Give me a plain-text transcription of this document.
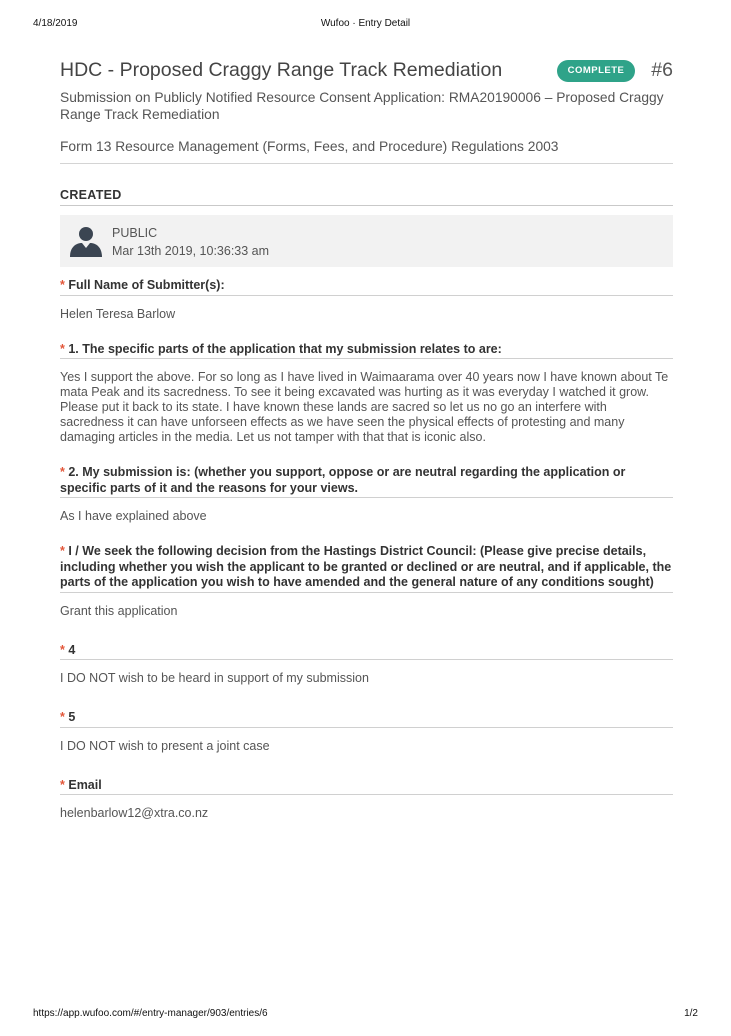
4/18/2019	Wufoo · Entry Detail
HDC - Proposed Craggy Range Track Remediation	COMPLETE	#6
Submission on Publicly Notified Resource Consent Application: RMA20190006 – Proposed Craggy Range Track Remediation
Form 13 Resource Management (Forms, Fees, and Procedure) Regulations 2003
CREATED
PUBLIC
Mar 13th 2019, 10:36:33 am
* Full Name of Submitter(s):
Helen Teresa Barlow
* 1. The specific parts of the application that my submission relates to are:
Yes I support the above. For so long as I have lived in Waimaarama over 40 years now I have known about Te mata Peak and its sacredness. To see it being excavated was hurting as it was everyday I watched it grow. Please put it back to its state. I have known these lands are sacred so let us no go an interfere with sacredness it can have unforseen effects as we have seen the physical effects of protesting and many damaging articles in the media. Let us not tamper with that that is iconic also.
* 2. My submission is: (whether you support, oppose or are neutral regarding the application or specific parts of it and the reasons for your views.
As I have explained above
* I / We seek the following decision from the Hastings District Council: (Please give precise details, including whether you wish the applicant to be granted or declined or are neutral, and if applicable, the parts of the application you wish to have amended and the general nature of any conditions sought)
Grant this application
* 4
I DO NOT wish to be heard in support of my submission
* 5
I DO NOT wish to present a joint case
* Email
helenbarlow12@xtra.co.nz
https://app.wufoo.com/#/entry-manager/903/entries/6	1/2
